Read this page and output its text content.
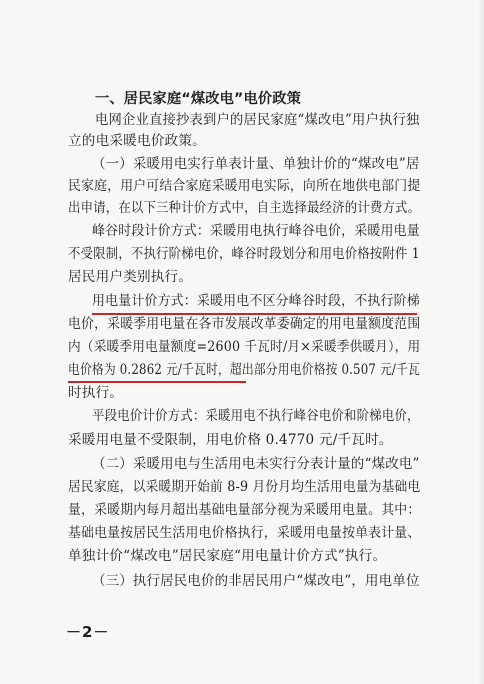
一、居民家庭“煤改电”电价政策
电网企业直接抄表到户的居民家庭“煤改电”用户执行独
立的电采暖电价政策。
（一）采暖用电实行单表计量、单独计价的“煤改电”居
民家庭，用户可结合家庭采暖用电实际，向所在地供电部门提
出申请，在以下三种计价方式中，自主选择最经济的计费方式。
峰谷时段计价方式：采暖用电执行峰谷电价，采暖用电量
不受限制，不执行阶梯电价，峰谷时段划分和用电价格按附件 1
居民用户类别执行。
用电量计价方式：采暖用电不区分峰谷时段，不执行阶梯
电价，采暖季用电量在各市发展改革委确定的用电量额度范围
内（采暖季用电量额度=2600 千瓦时/月×采暖季供暖月），用
电价格为 0.2862 元/千瓦时，超出部分用电价格按 0.507 元/千瓦
时执行。
平段电价计价方式：采暖用电不执行峰谷电价和阶梯电价，
采暖用电量不受限制，用电价格 0.4770 元/千瓦时。
（二）采暖用电与生活用电未实行分表计量的“煤改电”
居民家庭，以采暖期开始前 8-9 月份月均生活用电量为基础电
量，采暖期内每月超出基础电量部分视为采暖用电量。其中：
基础电量按居民生活用电价格执行，采暖用电量按单表计量、
单独计价“煤改电”居民家庭“用电量计价方式”执行。
（三）执行居民电价的非居民用户“煤改电”，用电单位
－2－
